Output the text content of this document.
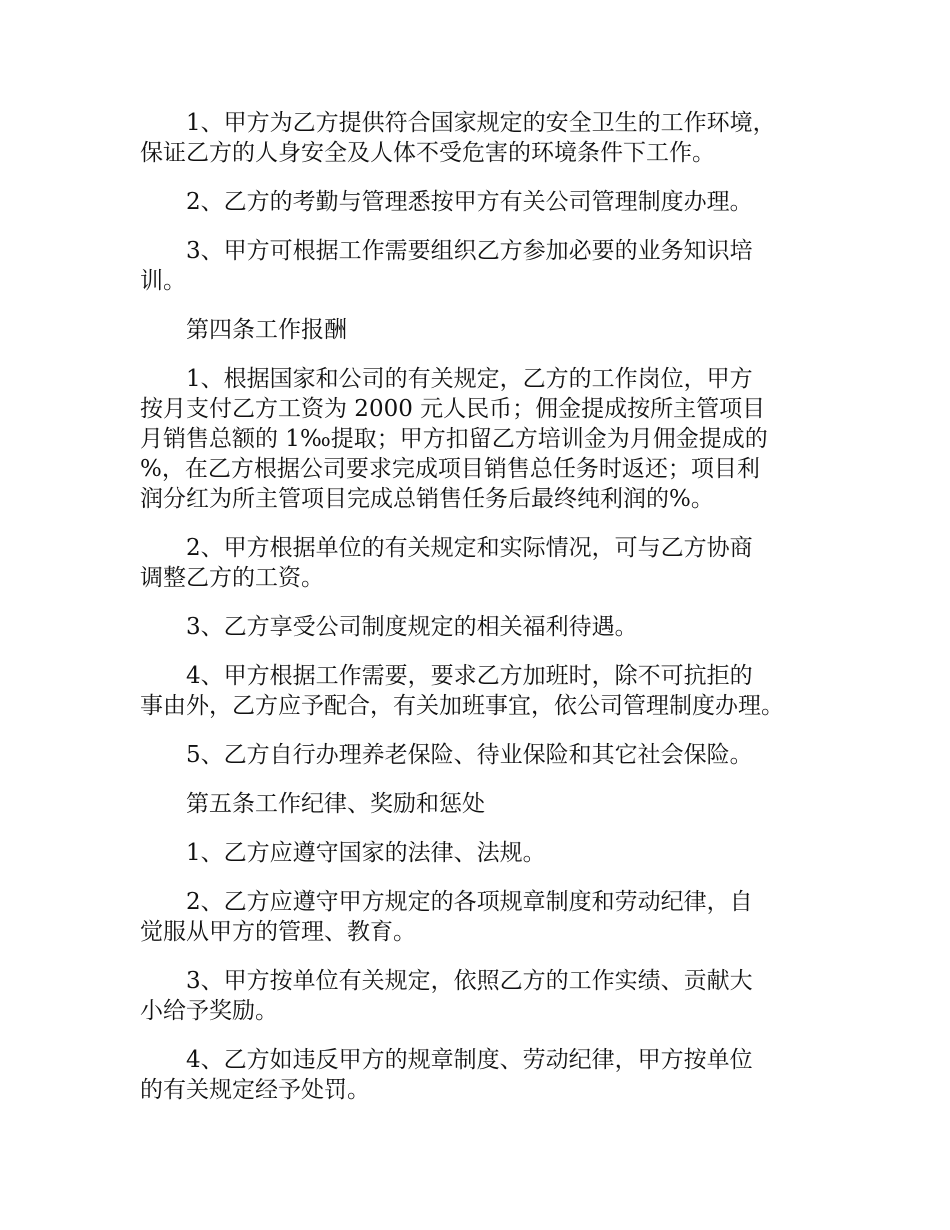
1、甲方为乙方提供符合国家规定的安全卫生的工作环境，
保证乙方的人身安全及人体不受危害的环境条件下工作。

2、乙方的考勤与管理悉按甲方有关公司管理制度办理。

3、甲方可根据工作需要组织乙方参加必要的业务知识培
训。

第四条工作报酬

1、根据国家和公司的有关规定，乙方的工作岗位，甲方
按月支付乙方工资为 2000 元人民币；佣金提成按所主管项目
月销售总额的 1‰提取；甲方扣留乙方培训金为月佣金提成的
%，在乙方根据公司要求完成项目销售总任务时返还；项目利
润分红为所主管项目完成总销售任务后最终纯利润的%。

2、甲方根据单位的有关规定和实际情况，可与乙方协商
调整乙方的工资。

3、乙方享受公司制度规定的相关福利待遇。

4、甲方根据工作需要，要求乙方加班时，除不可抗拒的
事由外，乙方应予配合，有关加班事宜，依公司管理制度办理。

5、乙方自行办理养老保险、待业保险和其它社会保险。

第五条工作纪律、奖励和惩处

1、乙方应遵守国家的法律、法规。

2、乙方应遵守甲方规定的各项规章制度和劳动纪律，自
觉服从甲方的管理、教育。

3、甲方按单位有关规定，依照乙方的工作实绩、贡献大
小给予奖励。

4、乙方如违反甲方的规章制度、劳动纪律，甲方按单位
的有关规定经予处罚。
